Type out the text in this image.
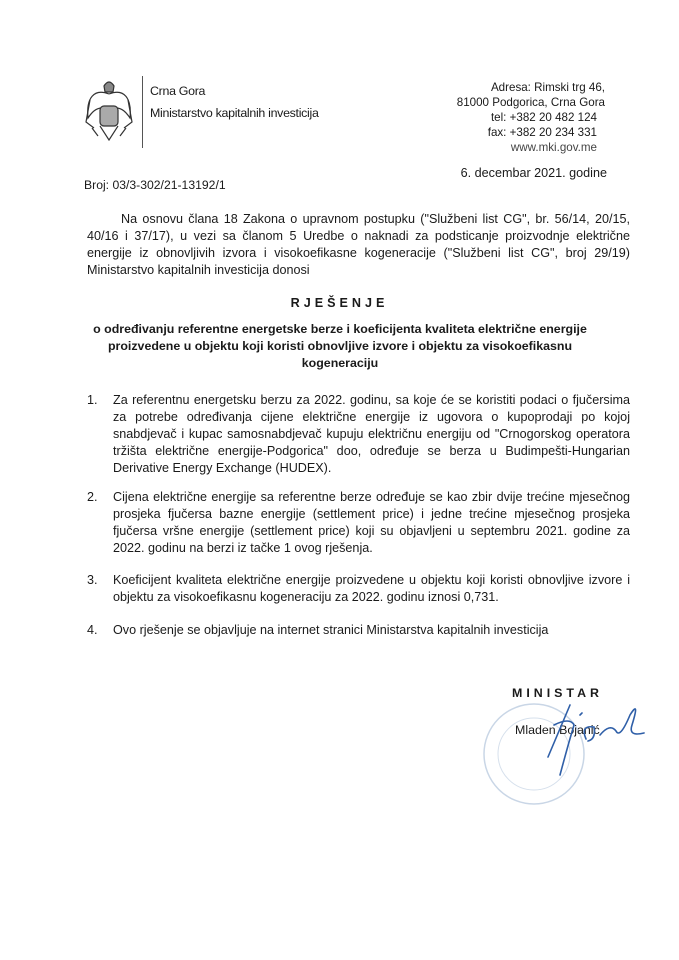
Crna Gora
Ministarstvo kapitalnih investicija
Adresa: Rimski trg 46,
81000 Podgorica, Crna Gora
tel: +382 20 482 124
fax: +382 20 234 331
www.mki.gov.me
6. decembar 2021. godine
Broj: 03/3-302/21-13192/1

Na osnovu člana 18 Zakona o upravnom postupku ("Službeni list CG", br. 56/14, 20/15, 40/16 i 37/17), u vezi sa članom 5 Uredbe o naknadi za podsticanje proizvodnje električne energije iz obnovljivih izvora i visokoefikasne kogeneracije ("Službeni list CG", broj 29/19) Ministarstvo kapitalnih investicija donosi

RJEŠENJE
o određivanju referentne energetske berze i koeficijenta kvaliteta električne energije proizvedene u objektu koji koristi obnovljive izvore i objektu za visokoefikasnu kogeneraciju
1.	Za referentnu energetsku berzu za 2022. godinu, sa koje će se koristiti podaci o fjučersima za potrebe određivanja cijene električne energije iz ugovora o kupoprodaji po kojoj snabdjevač i kupac samosnabdjevač kupuju električnu energiju od "Crnogorskog operatora tržišta električne energije-Podgorica" doo, određuje se berza u Budimpešti-Hungarian Derivative Energy Exchange (HUDEX).
2.	Cijena električne energije sa referentne berze određuje se kao zbir dvije trećine mjesečnog prosjeka fjučersa bazne energije (settlement price) i jedne trećine mjesečnog prosjeka fjučersa vršne energije (settlement price) koji su objavljeni u septembru 2021. godine za 2022. godinu na berzi iz tačke 1 ovog rješenja.
3.	Koeficijent kvaliteta električne energije proizvedene u objektu koji koristi obnovljive izvore i objektu za visokoefikasnu kogeneraciju za 2022. godinu iznosi 0,731.
4.	Ovo rješenje se objavljuje na internet stranici Ministarstva kapitalnih investicija
MINISTAR
Mladen Bojanić
